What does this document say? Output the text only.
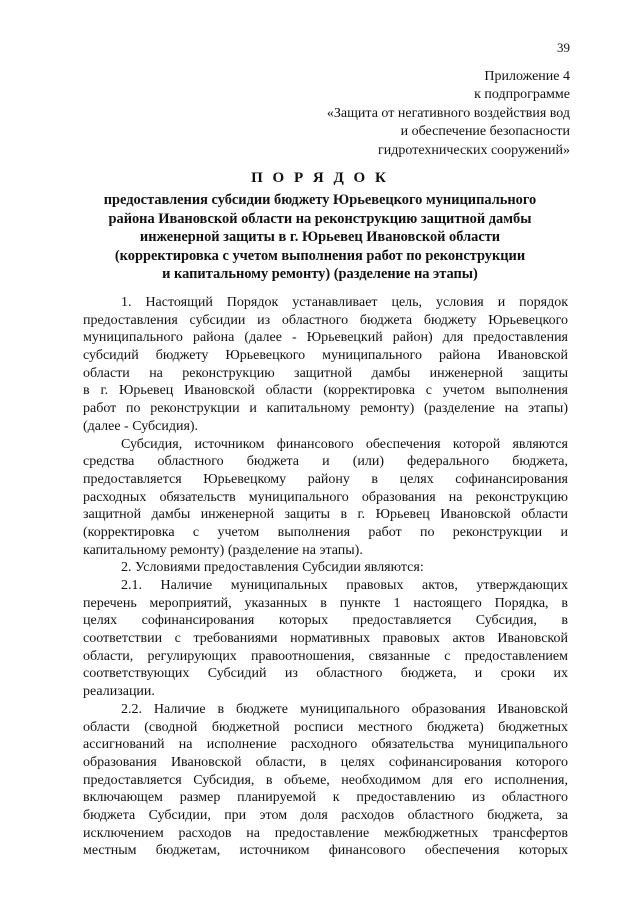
39
Приложение 4
к подпрограмме
«Защита от негативного воздействия вод
и обеспечение безопасности
гидротехнических сооружений»
П О Р Я Д О К
предоставления субсидии бюджету Юрьевецкого муниципального
района Ивановской области на реконструкцию защитной дамбы
инженерной защиты в г. Юрьевец Ивановской области
(корректировка с учетом выполнения работ по реконструкции
и капитальному ремонту) (разделение на этапы)
1. Настоящий Порядок устанавливает цель, условия и порядок
предоставления субсидии из областного бюджета бюджету Юрьевецкого
муниципального района (далее - Юрьевецкий район) для предоставления
субсидий бюджету Юрьевецкого муниципального района Ивановской
области на реконструкцию защитной дамбы инженерной защиты
в г. Юрьевец Ивановской области (корректировка с учетом выполнения
работ по реконструкции и капитальному ремонту) (разделение на этапы)
(далее - Субсидия).
Субсидия, источником финансового обеспечения которой являются
средства областного бюджета и (или) федерального бюджета,
предоставляется Юрьевецкому району в целях софинансирования
расходных обязательств муниципального образования на реконструкцию
защитной дамбы инженерной защиты в г. Юрьевец Ивановской области
(корректировка с учетом выполнения работ по реконструкции и
капитальному ремонту) (разделение на этапы).
2. Условиями предоставления Субсидии являются:
2.1. Наличие муниципальных правовых актов, утверждающих
перечень мероприятий, указанных в пункте 1 настоящего Порядка, в
целях софинансирования которых предоставляется Субсидия, в
соответствии с требованиями нормативных правовых актов Ивановской
области, регулирующих правоотношения, связанные с предоставлением
соответствующих Субсидий из областного бюджета, и сроки их
реализации.
2.2. Наличие в бюджете муниципального образования Ивановской
области (сводной бюджетной росписи местного бюджета) бюджетных
ассигнований на исполнение расходного обязательства муниципального
образования Ивановской области, в целях софинансирования которого
предоставляется Субсидия, в объеме, необходимом для его исполнения,
включающем размер планируемой к предоставлению из областного
бюджета Субсидии, при этом доля расходов областного бюджета, за
исключением расходов на предоставление межбюджетных трансфертов
местным бюджетам, источником финансового обеспечения которых
